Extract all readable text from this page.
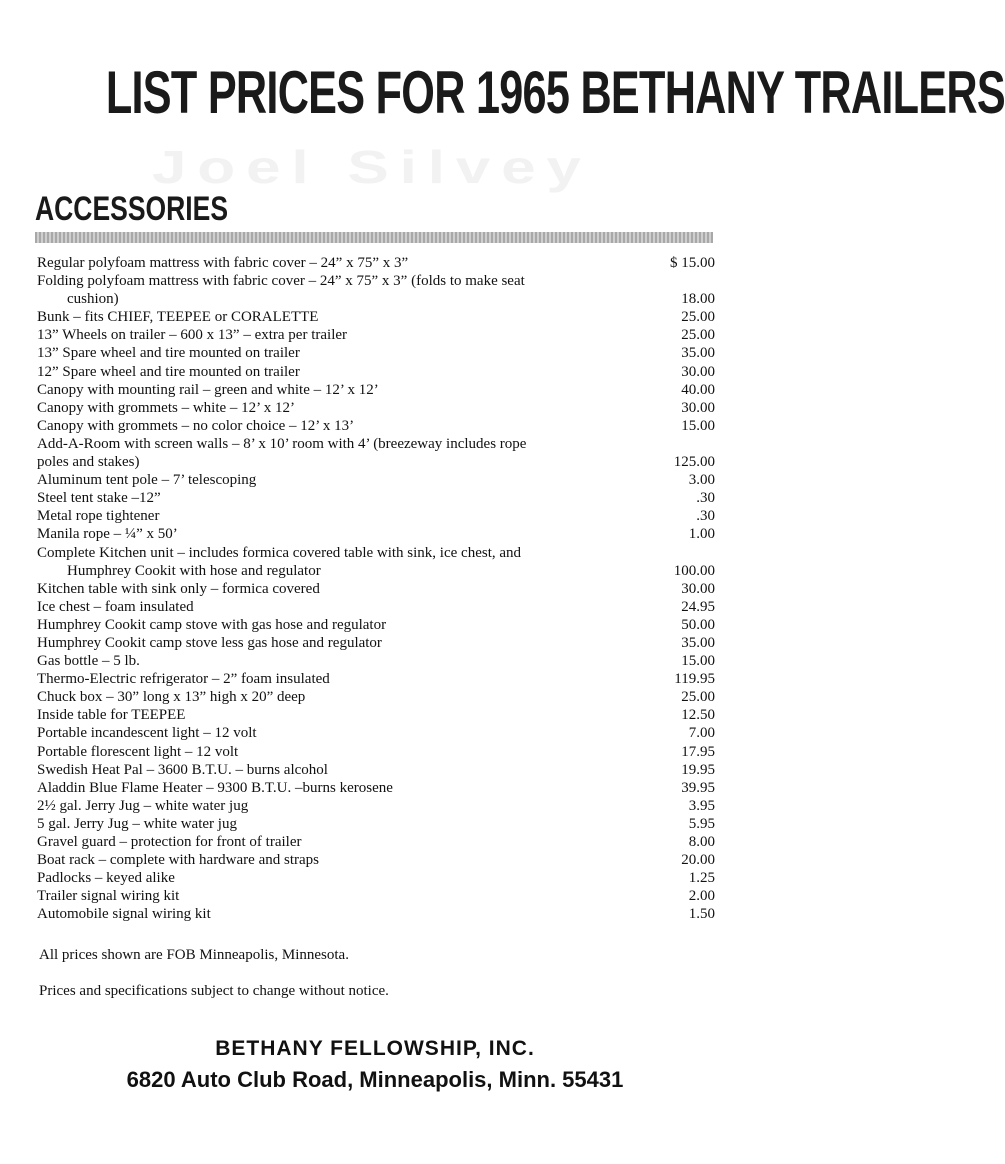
Joel Silvey
LIST PRICES FOR 1965 BETHANY TRAILERS
ACCESSORIES
Regular polyfoam mattress with fabric cover – 24” x 75” x 3”	$ 15.00
Folding polyfoam mattress with fabric cover – 24” x 75” x 3” (folds to make seat
cushion)	18.00
Bunk – fits CHIEF, TEEPEE or CORALETTE	25.00
13” Wheels on trailer – 600 x 13” – extra per trailer	25.00
13” Spare wheel and tire mounted on trailer	35.00
12” Spare wheel and tire mounted on trailer	30.00
Canopy with mounting rail – green and white – 12’ x 12’	40.00
Canopy with grommets – white – 12’ x 12’	30.00
Canopy with grommets – no color choice – 12’ x 13’	15.00
Add-A-Room with screen walls – 8’ x 10’ room with 4’ (breezeway includes rope
poles and stakes)	125.00
Aluminum tent pole – 7’ telescoping	3.00
Steel tent stake –12”	.30
Metal rope tightener	.30
Manila rope – ¼” x 50’	1.00
Complete Kitchen unit – includes formica covered table with sink, ice chest, and
Humphrey Cookit with hose and regulator	100.00
Kitchen table with sink only – formica covered	30.00
Ice chest – foam insulated	24.95
Humphrey Cookit camp stove with gas hose and regulator	50.00
Humphrey Cookit camp stove less gas hose and regulator	35.00
Gas bottle – 5 lb.	15.00
Thermo-Electric refrigerator – 2” foam insulated	119.95
Chuck box – 30” long x 13” high x 20” deep	25.00
Inside table for TEEPEE	12.50
Portable incandescent light – 12 volt	7.00
Portable florescent light – 12 volt	17.95
Swedish Heat Pal – 3600 B.T.U. – burns alcohol	19.95
Aladdin Blue Flame Heater – 9300 B.T.U. –burns kerosene	39.95
2½ gal. Jerry Jug – white water jug	3.95
5 gal. Jerry Jug – white water jug	5.95
Gravel guard – protection for front of trailer	8.00
Boat rack – complete with hardware and straps	20.00
Padlocks – keyed alike	1.25
Trailer signal wiring kit	2.00
Automobile signal wiring kit	1.50
All prices shown are FOB Minneapolis, Minnesota.
Prices and specifications subject to change without notice.
BETHANY FELLOWSHIP, INC.
6820 Auto Club Road, Minneapolis, Minn. 55431
